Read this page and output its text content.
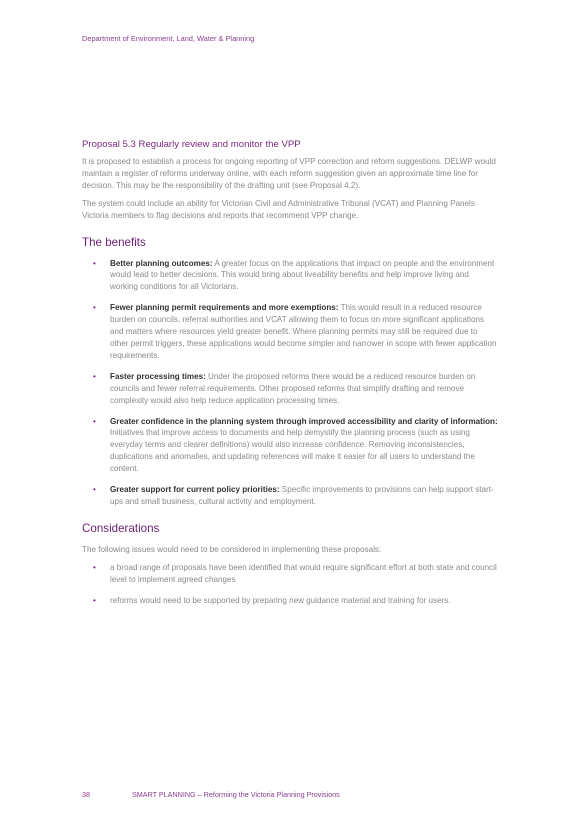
Department of Environment, Land, Water & Planning
Proposal 5.3 Regularly review and monitor the VPP

It is proposed to establish a process for ongoing reporting of VPP correction and reform suggestions. DELWP would maintain a register of reforms underway online, with each reform suggestion given an approximate time line for decision. This may be the responsibility of the drafting unit (see Proposal 4.2).

The system could include an ability for Victorian Civil and Administrative Tribunal (VCAT) and Planning Panels Victoria members to flag decisions and reports that recommend VPP change.

The benefits
• Better planning outcomes: A greater focus on the applications that impact on people and the environment would lead to better decisions. This would bring about liveability benefits and help improve living and working conditions for all Victorians.
• Fewer planning permit requirements and more exemptions: This would result in a reduced resource burden on councils, referral authorities and VCAT allowing them to focus on more significant applications and matters where resources yield greater benefit. Where planning permits may still be required due to other permit triggers, these applications would become simpler and narrower in scope with fewer application requirements.
• Faster processing times: Under the proposed reforms there would be a reduced resource burden on councils and fewer referral requirements. Other proposed reforms that simplify drafting and remove complexity would also help reduce application processing times.
• Greater confidence in the planning system through improved accessibility and clarity of information: Initiatives that improve access to documents and help demystify the planning process (such as using everyday terms and clearer definitions) would also increase confidence. Removing inconsistencies, duplications and anomalies, and updating references will make it easier for all users to understand the content.
• Greater support for current policy priorities: Specific improvements to provisions can help support start-ups and small business, cultural activity and employment.
Considerations

The following issues would need to be considered in implementing these proposals:

• a broad range of proposals have been identified that would require significant effort at both state and council level to implement agreed changes
• reforms would need to be supported by preparing new guidance material and training for users.
38	SMART PLANNING – Reforming the Victoria Planning Provisions
